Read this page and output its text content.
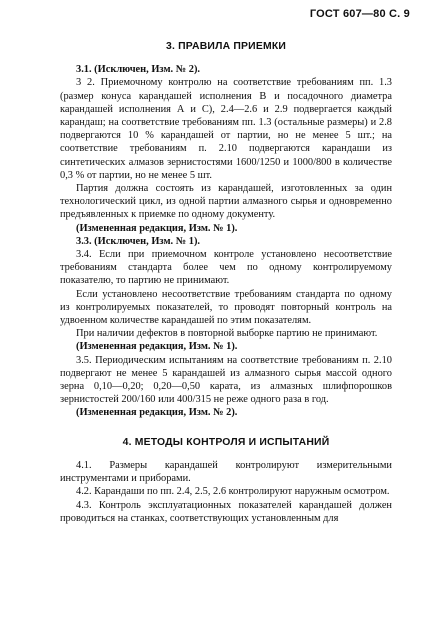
ГОСТ 607—80 С. 9
3. ПРАВИЛА ПРИЕМКИ

3.1. (Исключен, Изм. № 2).

3 2. Приемочному контролю на соответствие требованиям пп. 1.3 (размер конуса карандашей исполнения В и посадочного диаметра карандашей исполнения А и С), 2.4—2.6 и 2.9 подвергается каждый карандаш; на соответствие требованиям пп. 1.3 (остальные размеры) и 2.8 подвергаются 10 % карандашей от партии, но не менее 5 шт.; на соответствие требованиям п. 2.10 подвергаются карандаши из синтетических алмазов зернистостями 1600/1250 и 1000/800 в количестве 0,3 % от партии, но не менее 5 шт.

Партия должна состоять из карандашей, изготовленных за один технологический цикл, из одной партии алмазного сырья и одновременно предъявленных к приемке по одному документу.

(Измененная редакция, Изм. № 1).

3.3. (Исключен, Изм. № 1).

3.4. Если при приемочном контроле установлено несоответствие требованиям стандарта более чем по одному контролируемому показателю, то партию не принимают.

Если установлено несоответствие требованиям стандарта по одному из контролируемых показателей, то проводят повторный контроль на удвоенном количестве карандашей по этим показателям.

При наличии дефектов в повторной выборке партию не принимают.

(Измененная редакция, Изм. № 1).

3.5. Периодическим испытаниям на соответствие требованиям п. 2.10 подвергают не менее 5 карандашей из алмазного сырья массой одного зерна 0,10—0,20; 0,20—0,50 карата, из алмазных шлифпорошков зернистостей 200/160 или 400/315 не реже одного раза в год.

(Измененная редакция, Изм. № 2).

4. МЕТОДЫ КОНТРОЛЯ И ИСПЫТАНИЙ

4.1. Размеры карандашей контролируют измерительными инструментами и приборами.

4.2. Карандаши по пп. 2.4, 2.5, 2.6 контролируют наружным осмотром.

4.3. Контроль эксплуатационных показателей карандашей должен проводиться на станках, соответствующих установленным для
